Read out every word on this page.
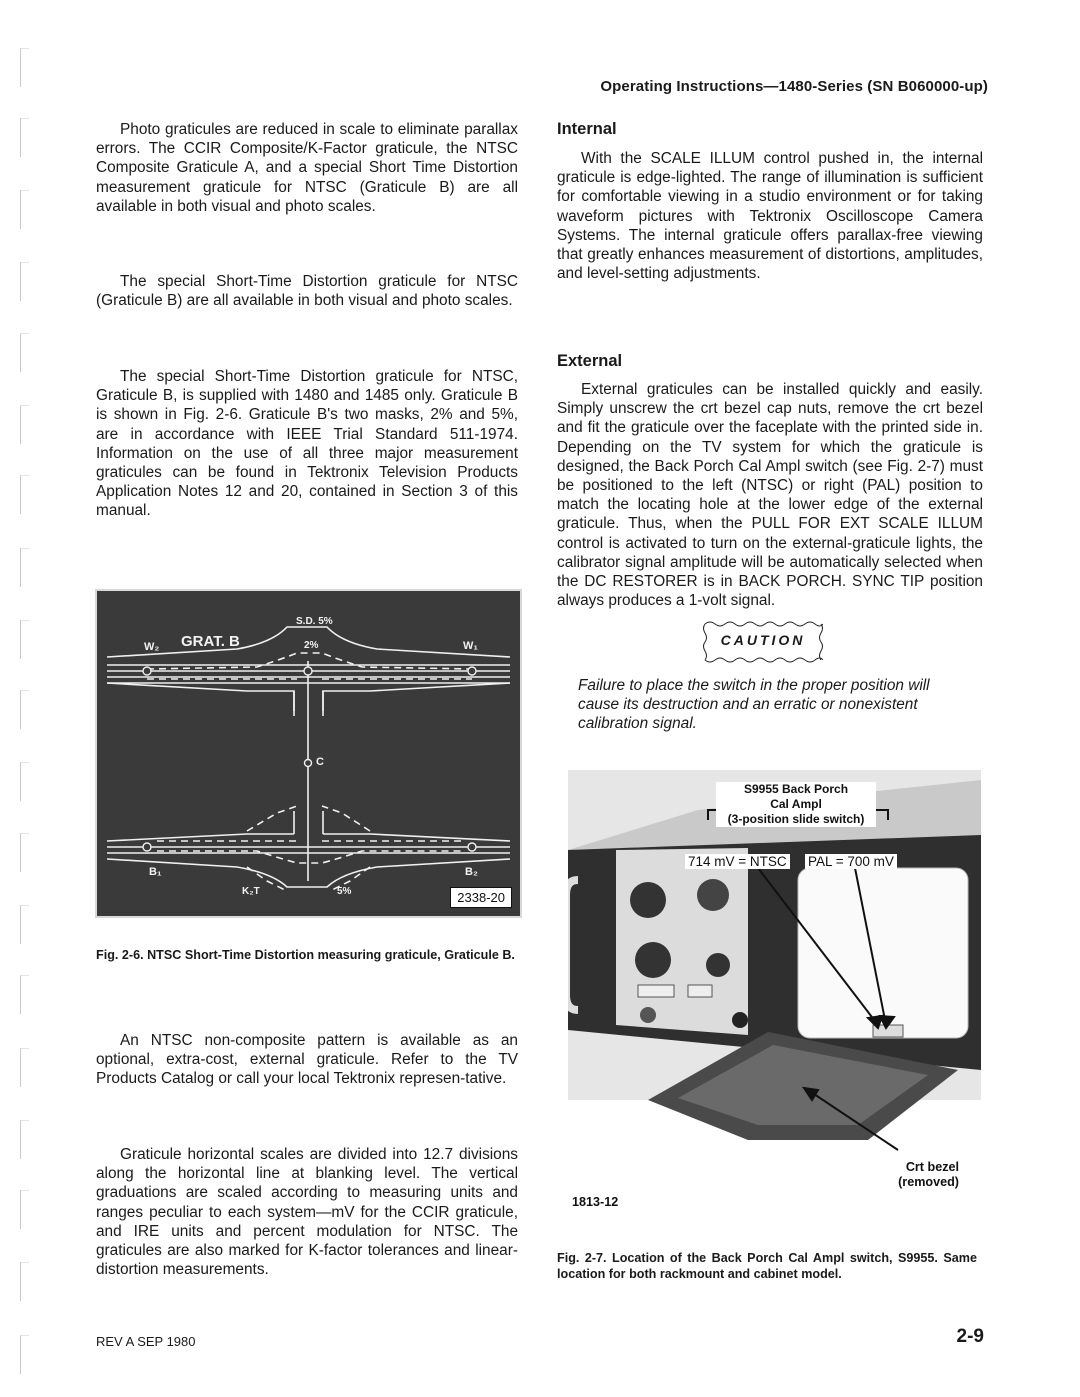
Operating Instructions—1480-Series (SN B060000-up)

Photo graticules are reduced in scale to eliminate parallax errors. The CCIR Composite/K-Factor graticule, the NTSC Composite Graticule A, and a special Short Time Distortion measurement graticule for NTSC (Graticule B) are all available in both visual and photo scales.

The special Short-Time Distortion graticule for NTSC (Graticule B) are all available in both visual and photo scales.

The special Short-Time Distortion graticule for NTSC, Graticule B, is supplied with 1480 and 1485 only. Graticule B is shown in Fig. 2-6. Graticule B's two masks, 2% and 5%, are in accordance with IEEE Trial Standard 511-1974. Information on the use of all three major measurement graticules can be found in Tektronix Television Products Application Notes 12 and 20, contained in Section 3 of this manual.

GRAT. B
W₂	W₁
S.D. 5%
2%
C
B₁	B₂
K₂T	5%	2338-20

Fig. 2-6. NTSC Short-Time Distortion measuring graticule, Graticule B.

An NTSC non-composite pattern is available as an optional, extra-cost, external graticule. Refer to the TV Products Catalog or call your local Tektronix represen-tative.

Graticule horizontal scales are divided into 12.7 divisions along the horizontal line at blanking level. The vertical graduations are scaled according to measuring units and ranges peculiar to each system—mV for the CCIR graticule, and IRE units and percent modulation for NTSC. The graticules are also marked for K-factor tolerances and linear-distortion measurements.

Internal

With the SCALE ILLUM control pushed in, the internal graticule is edge-lighted. The range of illumination is sufficient for comfortable viewing in a studio environment or for taking waveform pictures with Tektronix Oscilloscope Camera Systems. The internal graticule offers parallax-free viewing that greatly enhances measurement of distortions, amplitudes, and level-setting adjustments.

External

External graticules can be installed quickly and easily. Simply unscrew the crt bezel cap nuts, remove the crt bezel and fit the graticule over the faceplate with the printed side in. Depending on the TV system for which the graticule is designed, the Back Porch Cal Ampl switch (see Fig. 2-7) must be positioned to the left (NTSC) or right (PAL) position to match the locating hole at the lower edge of the external graticule. Thus, when the PULL FOR EXT SCALE ILLUM control is activated to turn on the external-graticule lights, the calibrator signal amplitude will be automatically selected when the DC RESTORER is in BACK PORCH. SYNC TIP position always produces a 1-volt signal.

CAUTION

Failure to place the switch in the proper position will cause its destruction and an erratic or nonexistent calibration signal.

S9955 Back Porch
Cal Ampl
(3-position slide switch)
714 mV = NTSC PAL = 700 mV
Crt bezel
(removed)
1813-12

Fig. 2-7. Location of the Back Porch Cal Ampl switch, S9955. Same location for both rackmount and cabinet model.

REV A SEP 1980	2-9
